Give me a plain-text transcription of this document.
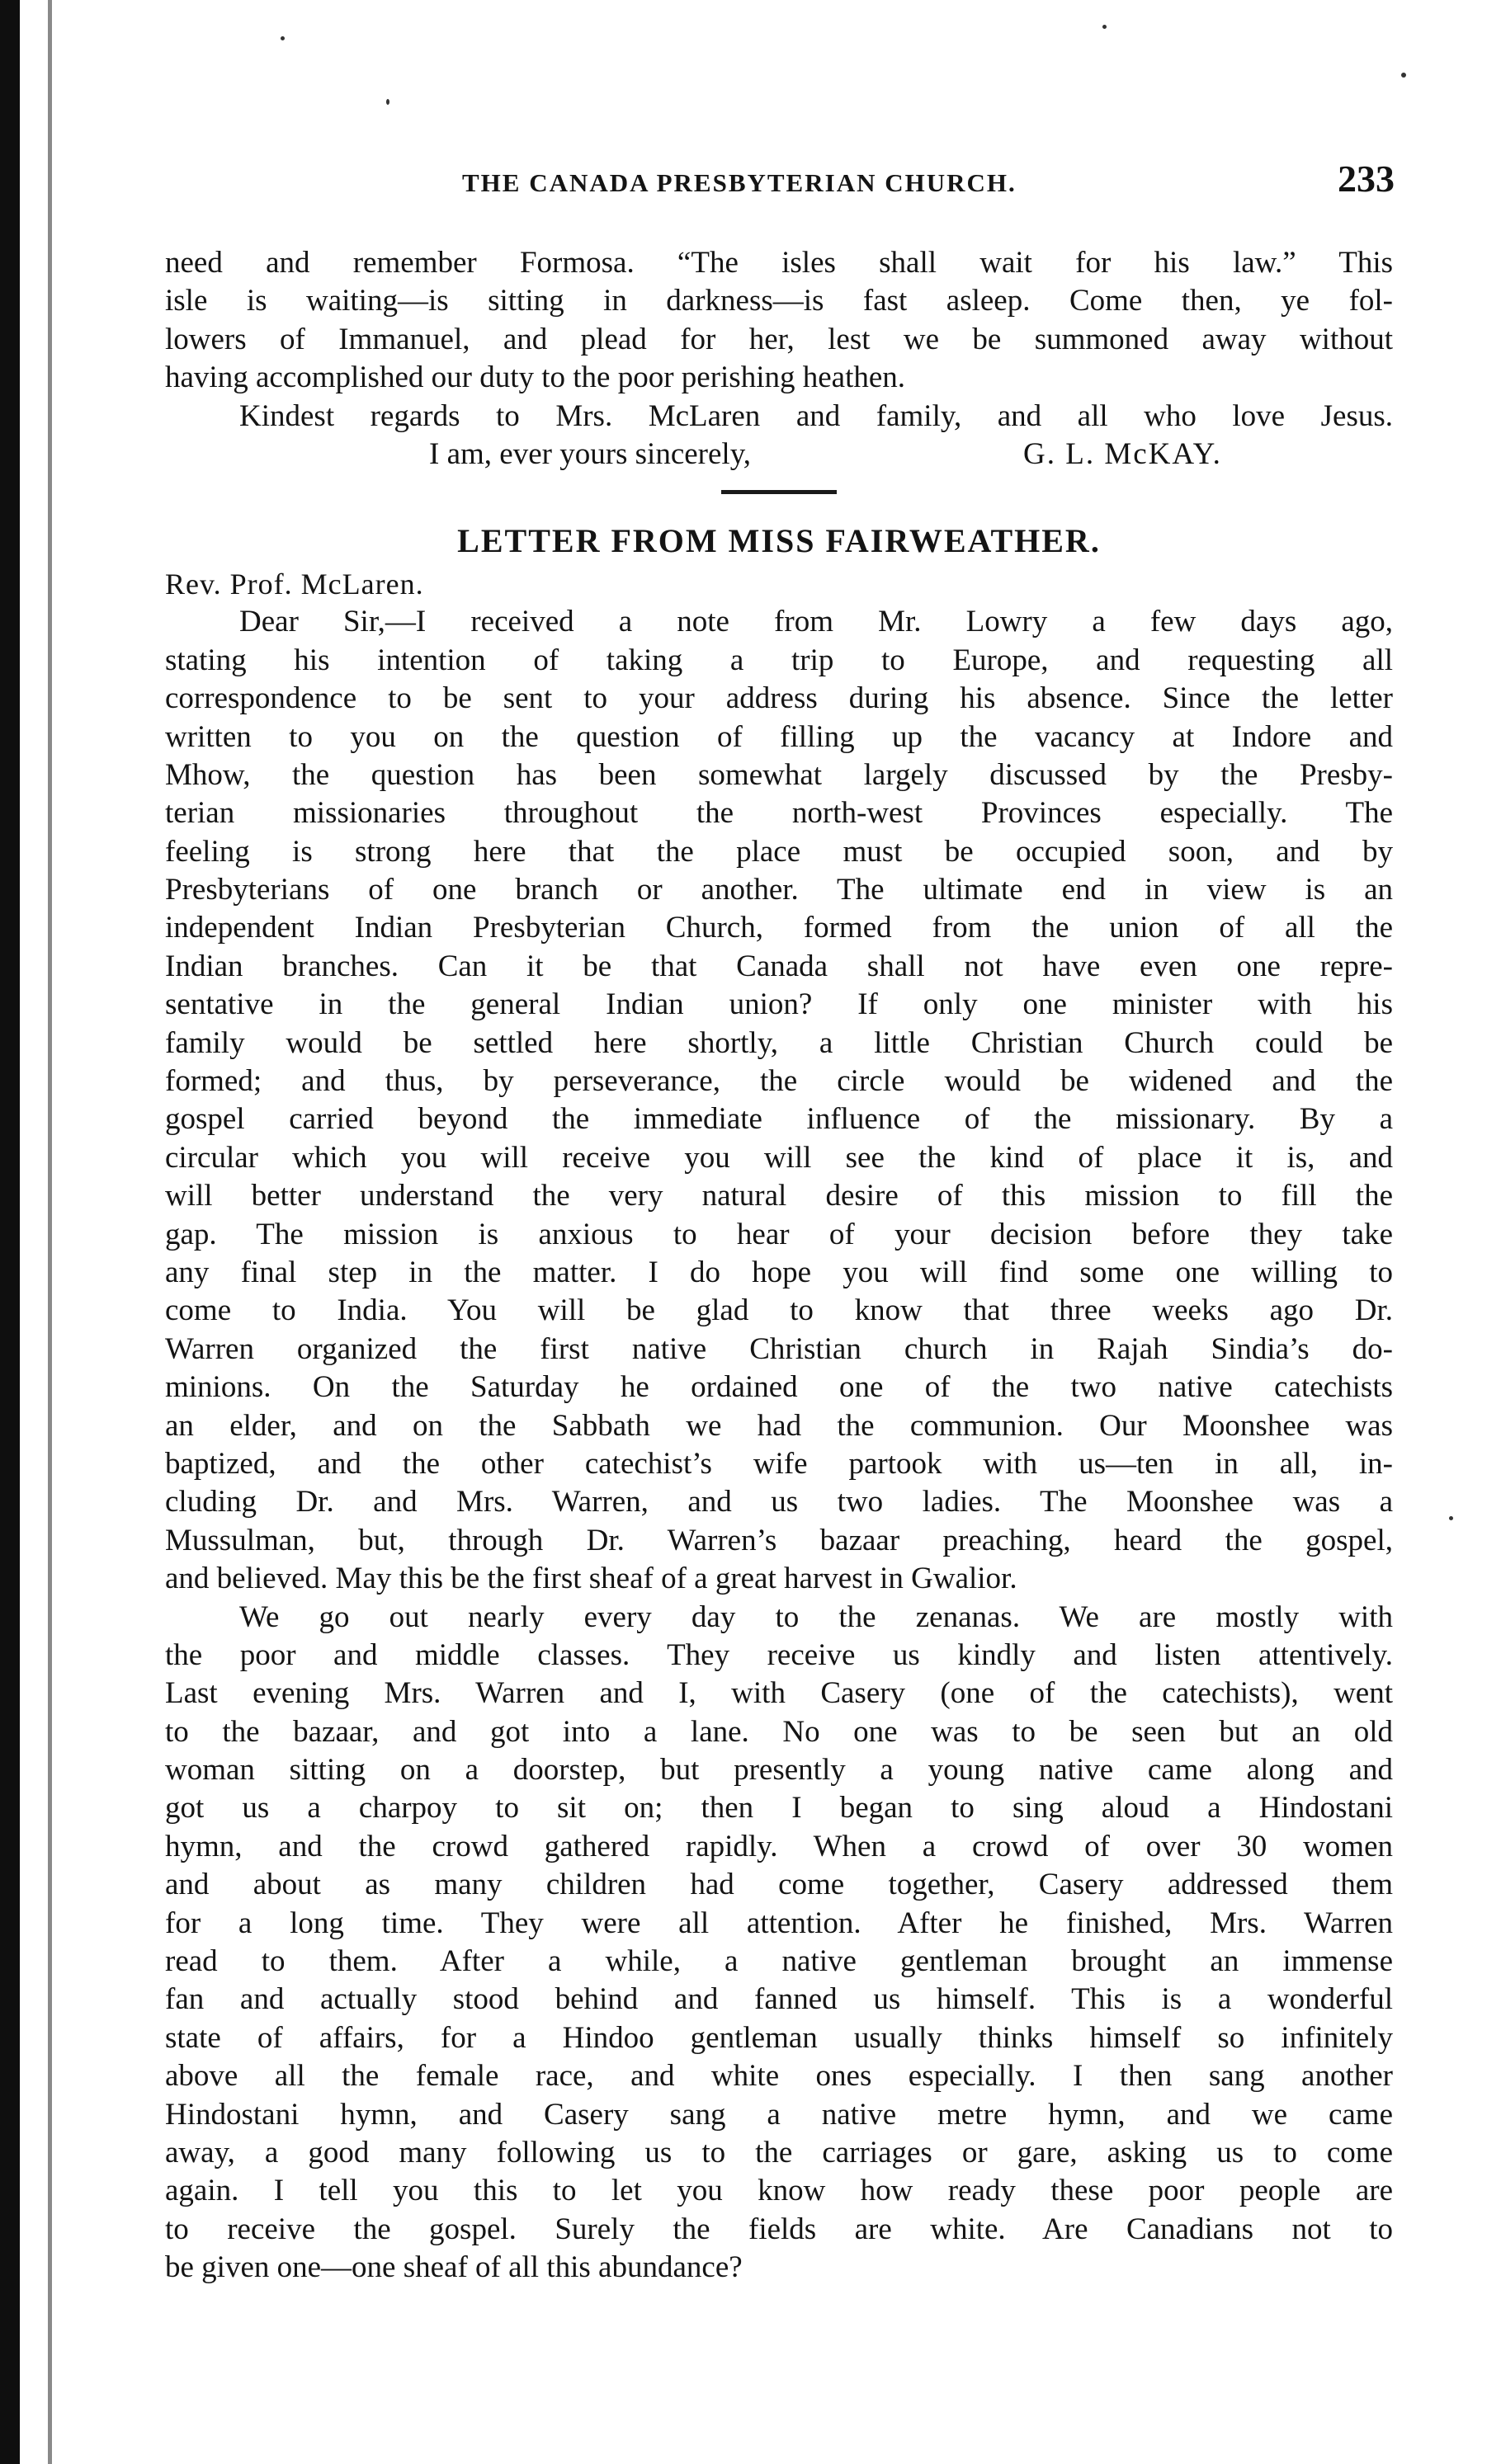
THE CANADA PRESBYTERIAN CHURCH.	233
need and remember Formosa. “The isles shall wait for his law.” This
isle is waiting—is sitting in darkness—is fast asleep. Come then, ye fol-
lowers of Immanuel, and plead for her, lest we be summoned away without
having accomplished our duty to the poor perishing heathen.
Kindest regards to Mrs. McLaren and family, and all who love Jesus.
I am, ever yours sincerely,	G. L. McKAY.
LETTER FROM MISS FAIRWEATHER.
Rev. Prof. McLaren.
Dear Sir,—I received a note from Mr. Lowry a few days ago,
stating his intention of taking a trip to Europe, and requesting all
correspondence to be sent to your address during his absence. Since the letter
written to you on the question of filling up the vacancy at Indore and
Mhow, the question has been somewhat largely discussed by the Presby-
terian missionaries throughout the north-west Provinces especially. The
feeling is strong here that the place must be occupied soon, and by
Presbyterians of one branch or another. The ultimate end in view is an
independent Indian Presbyterian Church, formed from the union of all the
Indian branches. Can it be that Canada shall not have even one repre-
sentative in the general Indian union? If only one minister with his
family would be settled here shortly, a little Christian Church could be
formed; and thus, by perseverance, the circle would be widened and the
gospel carried beyond the immediate influence of the missionary. By a
circular which you will receive you will see the kind of place it is, and
will better understand the very natural desire of this mission to fill the
gap. The mission is anxious to hear of your decision before they take
any final step in the matter. I do hope you will find some one willing to
come to India. You will be glad to know that three weeks ago Dr.
Warren organized the first native Christian church in Rajah Sindia’s do-
minions. On the Saturday he ordained one of the two native catechists
an elder, and on the Sabbath we had the communion. Our Moonshee was
baptized, and the other catechist’s wife partook with us—ten in all, in-
cluding Dr. and Mrs. Warren, and us two ladies. The Moonshee was a
Mussulman, but, through Dr. Warren’s bazaar preaching, heard the gospel,
and believed. May this be the first sheaf of a great harvest in Gwalior.
We go out nearly every day to the zenanas. We are mostly with
the poor and middle classes. They receive us kindly and listen attentively.
Last evening Mrs. Warren and I, with Casery (one of the catechists), went
to the bazaar, and got into a lane. No one was to be seen but an old
woman sitting on a doorstep, but presently a young native came along and
got us a charpoy to sit on; then I began to sing aloud a Hindostani
hymn, and the crowd gathered rapidly. When a crowd of over 30 women
and about as many children had come together, Casery addressed them
for a long time. They were all attention. After he finished, Mrs. Warren
read to them. After a while, a native gentleman brought an immense
fan and actually stood behind and fanned us himself. This is a wonderful
state of affairs, for a Hindoo gentleman usually thinks himself so infinitely
above all the female race, and white ones especially. I then sang another
Hindostani hymn, and Casery sang a native metre hymn, and we came
away, a good many following us to the carriages or gare, asking us to come
again. I tell you this to let you know how ready these poor people are
to receive the gospel. Surely the fields are white. Are Canadians not to
be given one—one sheaf of all this abundance?
